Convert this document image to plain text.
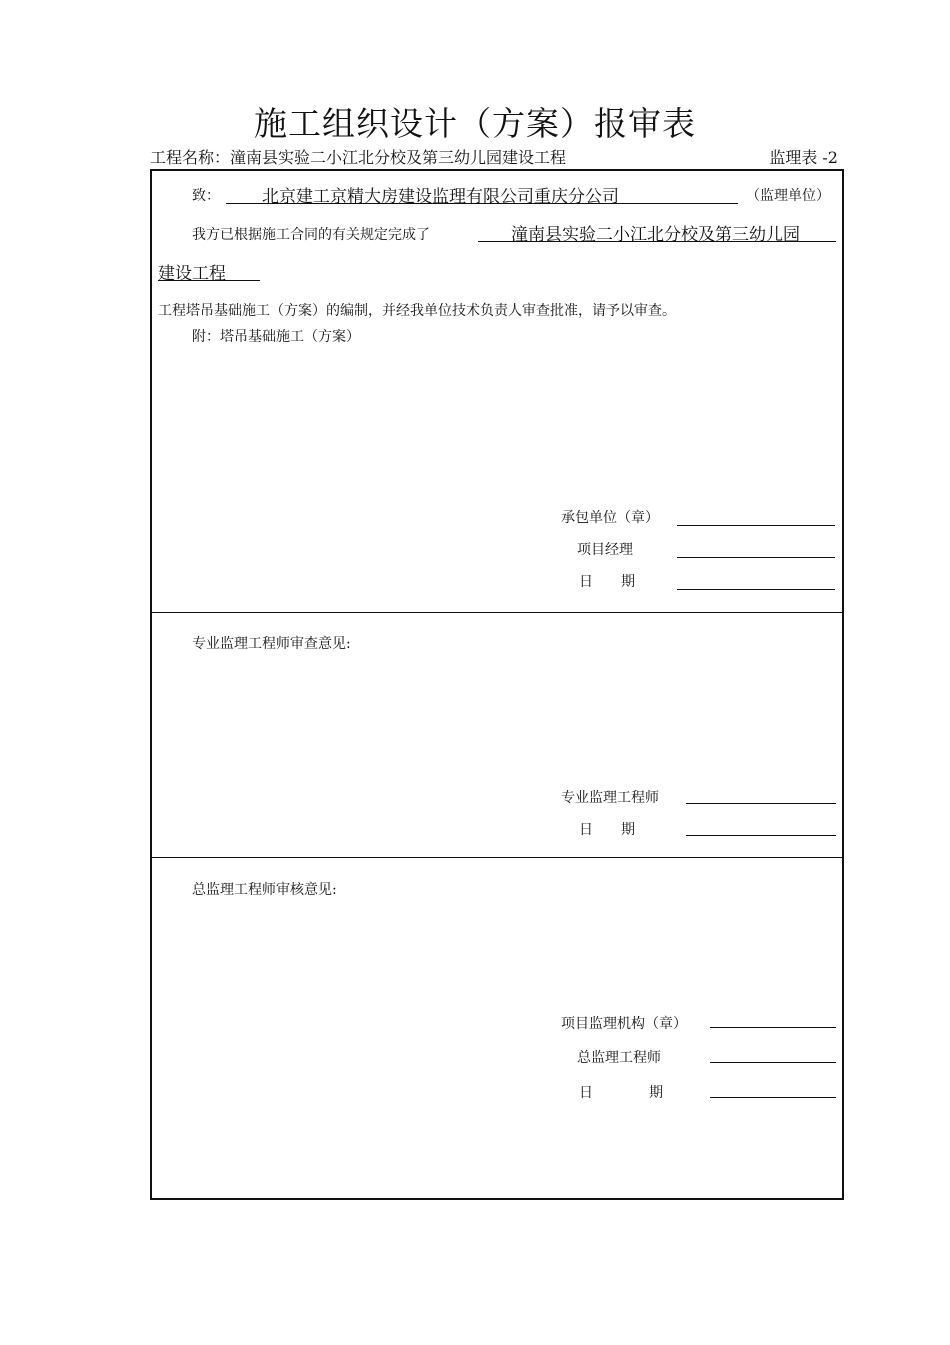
施工组织设计（方案）报审表
工程名称：潼南县实验二小江北分校及第三幼儿园建设工程	监理表 -2
致： 北京建工京精大房建设监理有限公司重庆分公司	（监理单位）
我方已根据施工合同的有关规定完成了	潼南县实验二小江北分校及第三幼儿园
建设工程
工程塔吊基础施工（方案）的编制，并经我单位技术负责人审查批准，请予以审查。
附：塔吊基础施工（方案）
承包单位（章）
项目经理
日　　期
专业监理工程师审查意见:
专业监理工程师
日　　期
总监理工程师审核意见:
项目监理机构（章）
总监理工程师
日　　　　期
